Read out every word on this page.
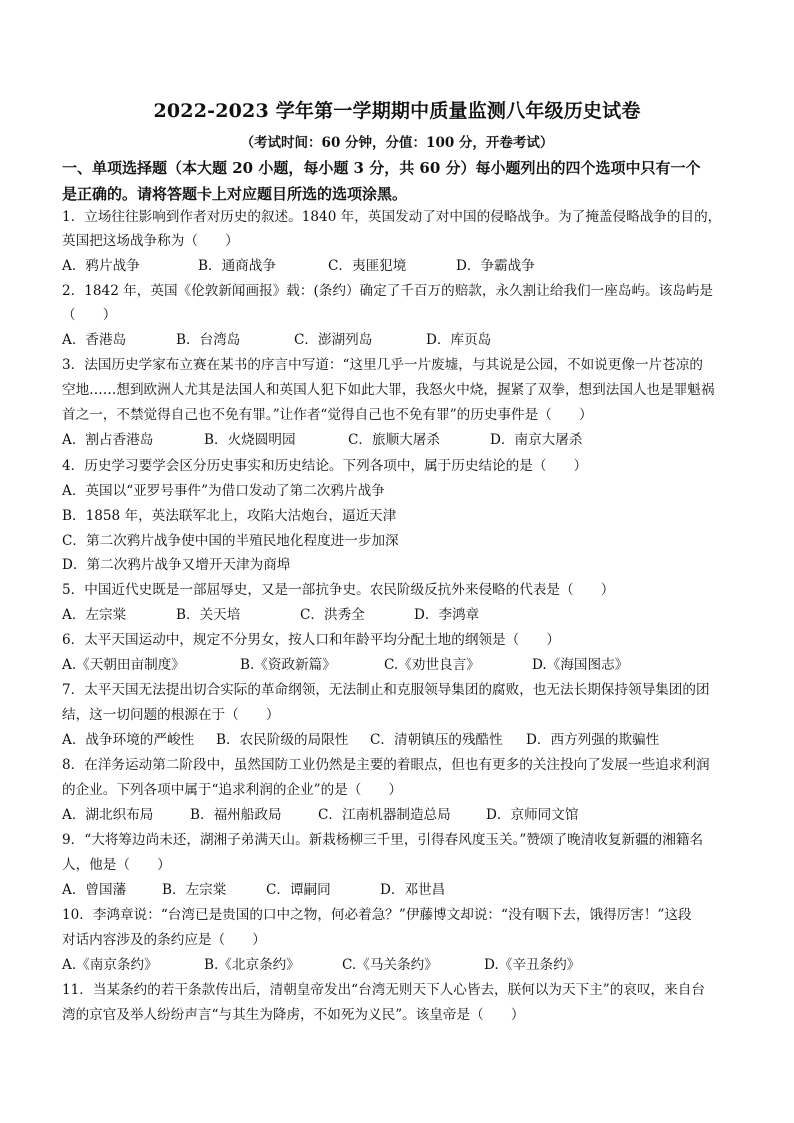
2022-2023 学年第一学期期中质量监测八年级历史试卷
（考试时间：60 分钟，分值：100 分，开卷考试）
一、单项选择题（本大题 20 小题，每小题 3 分，共 60 分）每小题列出的四个选项中只有一个
是正确的。请将答题卡上对应题目所选的选项涂黑。
1．立场往往影响到作者对历史的叙述。1840 年，英国发动了对中国的侵略战争。为了掩盖侵略战争的目的，
英国把这场战争称为（　　）
A．鸦片战争	B．通商战争	C．夷匪犯境	D．争霸战争
2．1842 年，英国《伦敦新闻画报》载：(条约）确定了千百万的赔款，永久割让给我们一座岛屿。该岛屿是
（　　）
A．香港岛	B．台湾岛	C．澎湖列岛	D．库页岛
3．法国历史学家布立赛在某书的序言中写道：“这里几乎一片废墟，与其说是公园，不如说更像一片苍凉的
空地……想到欧洲人尤其是法国人和英国人犯下如此大罪，我怒火中烧，握紧了双拳，想到法国人也是罪魁祸
首之一，不禁觉得自己也不免有罪。”让作者“觉得自己也不免有罪”的历史事件是（　　）
A．割占香港岛	B．火烧圆明园	C．旅顺大屠杀	D．南京大屠杀
4．历史学习要学会区分历史事实和历史结论。下列各项中，属于历史结论的是（　　）
A．英国以“亚罗号事件”为借口发动了第二次鸦片战争
B．1858 年，英法联军北上，攻陷大沽炮台，逼近天津
C．第二次鸦片战争使中国的半殖民地化程度进一步加深
D．第二次鸦片战争又增开天津为商埠
5．中国近代史既是一部屈辱史，又是一部抗争史。农民阶级反抗外来侵略的代表是（　　）
A．左宗棠	B．关天培	C．洪秀全	D．李鸿章
6．太平天国运动中，规定不分男女，按人口和年龄平均分配土地的纲领是（　　）
A.《天朝田亩制度》	B.《资政新篇》	C.《劝世良言》	D.《海国图志》
7．太平天国无法提出切合实际的革命纲领，无法制止和克服领导集团的腐败，也无法长期保持领导集团的团
结，这一切问题的根源在于（　　）
A．战争环境的严峻性 B．农民阶级的局限性 C．清朝镇压的残酷性 D．西方列强的欺骗性
8．在洋务运动第二阶段中，虽然国防工业仍然是主要的着眼点，但也有更多的关注投向了发展一些追求利润
的企业。下列各项中属于“追求利润的企业”的是（　　）
A．湖北织布局	B．福州船政局	C．江南机器制造总局	D．京师同文馆
9．“大将筹边尚未还，湖湘子弟满天山。新栽杨柳三千里，引得春风度玉关。”赞颂了晚清收复新疆的湘籍名
人，他是（　　）
A．曾国藩	B．左宗棠	C．谭嗣同	D．邓世昌
10．李鸿章说：“台湾已是贵国的口中之物，何必着急？”伊藤博文却说：“没有咽下去，饿得厉害！”这段
对话内容涉及的条约应是（　　）
A.《南京条约》	B.《北京条约》	C.《马关条约》	D.《辛丑条约》
11．当某条约的若干条款传出后，清朝皇帝发出“台湾无则天下人心皆去，朕何以为天下主”的哀叹，来自台
湾的京官及举人纷纷声言“与其生为降虏，不如死为义民”。该皇帝是（　　）
